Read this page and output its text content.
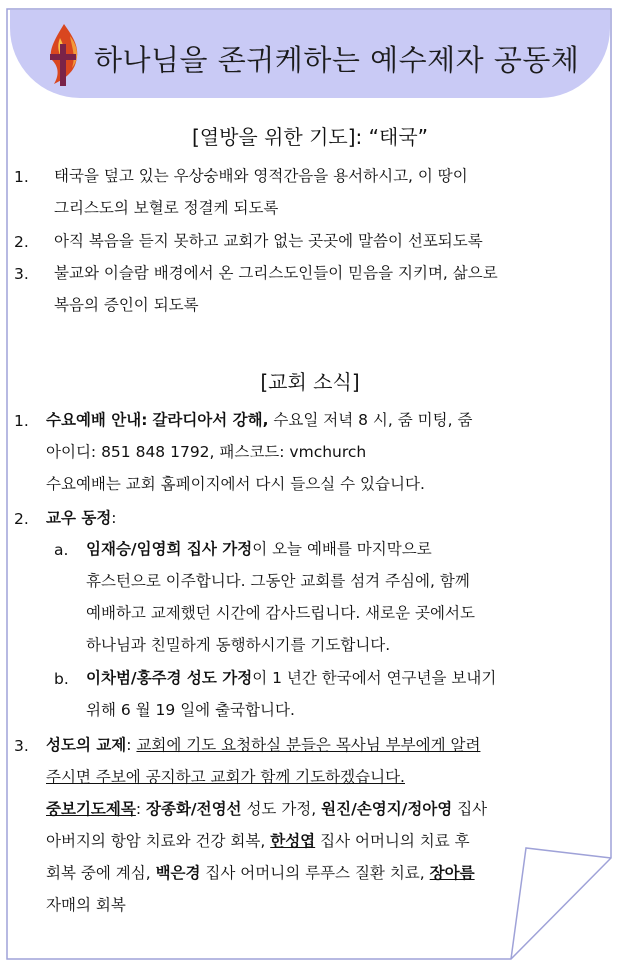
하나님을 존귀케하는 예수제자 공동체
[열방을 위한 기도]: “태국”
1. 태국을 덮고 있는 우상숭배와 영적간음을 용서하시고, 이 땅이
그리스도의 보혈로 정결케 되도록
2. 아직 복음을 듣지 못하고 교회가 없는 곳곳에 말씀이 선포되도록
3. 불교와 이슬람 배경에서 온 그리스도인들이 믿음을 지키며, 삶으로
복음의 증인이 되도록
[교회 소식]
1. 수요예배 안내: 갈라디아서 강해, 수요일 저녁 8 시, 줌 미팅, 줌
아이디: 851 848 1792, 패스코드: vmchurch
수요예배는 교회 홈페이지에서 다시 들으실 수 있습니다.
2. 교우 동정:
a. 임재승/임영희 집사 가정이 오늘 예배를 마지막으로
휴스턴으로 이주합니다. 그동안 교회를 섬겨 주심에, 함께
예배하고 교제했던 시간에 감사드립니다. 새로운 곳에서도
하나님과 친밀하게 동행하시기를 기도합니다.
b. 이차범/홍주경 성도 가정이 1 년간 한국에서 연구년을 보내기
위해 6 월 19 일에 출국합니다.
3. 성도의 교제: 교회에 기도 요청하실 분들은 목사님 부부에게 알려
주시면 주보에 공지하고 교회가 함께 기도하겠습니다.
중보기도제목: 장종화/전영선 성도 가정, 원진/손영지/정아영 집사
아버지의 항암 치료와 건강 회복, 한성엽 집사 어머니의 치료 후
회복 중에 계심, 백은경 집사 어머니의 루푸스 질환 치료, 장아름
자매의 회복
